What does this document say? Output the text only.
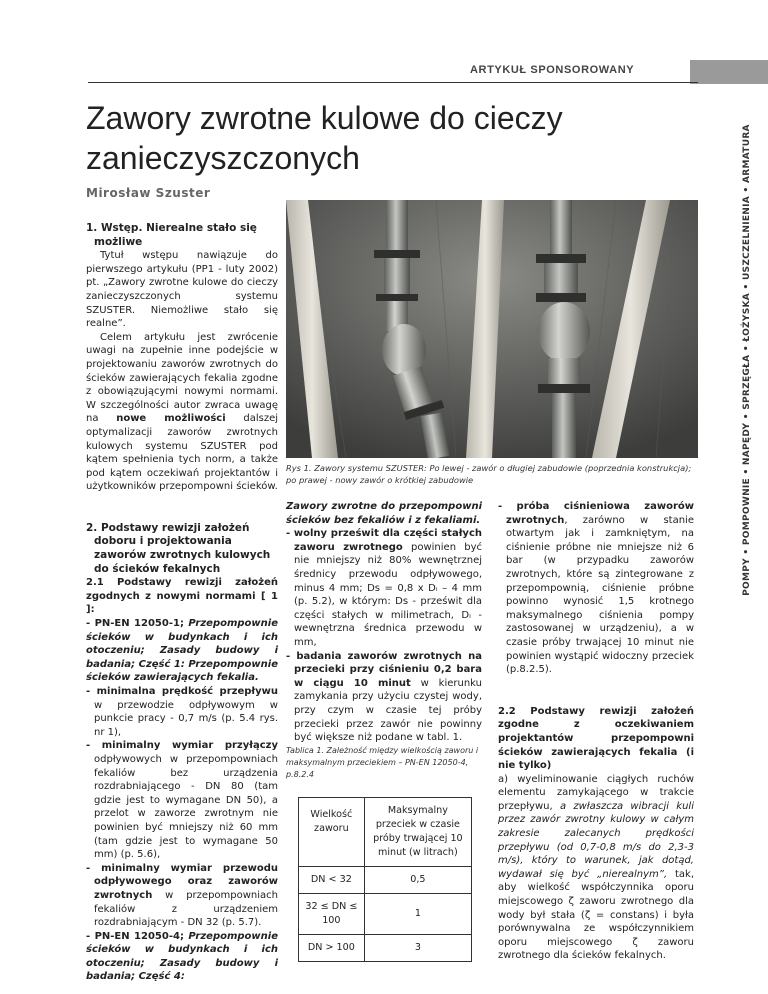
ARTYKUŁ SPONSOROWANY
POMPY • POMPOWNIE • NAPĘDY • SPRZĘGŁA • ŁOŻYSKA • USZCZELNIENIA • ARMATURA
Zawory zwrotne kulowe do cieczy zanieczyszczonych
Mirosław Szuster

1. Wstęp. Nierealne stało się możliwe

Tytuł wstępu nawiązuje do pierwszego artykułu (PP1 - luty 2002) pt. „Zawory zwrotne kulowe do cieczy zanieczyszczonych systemu SZUSTER. Niemożliwe stało się realne”.

Celem artykułu jest zwrócenie uwagi na zupełnie inne podejście w projektowaniu zaworów zwrotnych do ścieków zawierających fekalia zgodne z obowiązującymi nowymi normami. W szczególności autor zwraca uwagę na nowe możliwości dalszej optymalizacji zaworów zwrotnych kulowych systemu SZUSTER pod kątem spełnienia tych norm, a także pod kątem oczekiwań projektantów i użytkowników przepompowni ścieków.

2. Podstawy rewizji założeń doboru i projektowania zaworów zwrotnych kulowych do ścieków fekalnych

2.1 Podstawy rewizji założeń zgodnych z nowymi normami [ 1 ]:

- PN-EN 12050-1; Przepompownie ścieków w budynkach i ich otoczeniu; Zasady budowy i badania; Część 1: Przepompownie ścieków zawierających fekalia.

- minimalna prędkość przepływu w przewodzie odpływowym w punkcie pracy - 0,7 m/s (p. 5.4 rys. nr 1),

- minimalny wymiar przyłączy odpływowych w przepompowniach fekaliów bez urządzenia rozdrabniającego - DN 80 (tam gdzie jest to wymagane DN 50), a przelot w zaworze zwrotnym nie powinien być mniejszy niż 60 mm (tam gdzie jest to wymagane 50 mm) (p. 5.6),

- minimalny wymiar przewodu odpływowego oraz zaworów zwrotnych w przepompowniach fekaliów z urządzeniem rozdrabniającym - DN 32 (p. 5.7).

- PN-EN 12050-4; Przepompownie ścieków w budynkach i ich otoczeniu; Zasady budowy i badania; Część 4:

Rys 1. Zawory systemu SZUSTER: Po lewej - zawór o długiej zabudowie (poprzednia konstrukcja); po prawej - nowy zawór o krótkiej zabudowie

Zawory zwrotne do przepompowni ścieków bez fekaliów i z fekaliami.

- wolny prześwit dla części stałych zaworu zwrotnego powinien być nie mniejszy niż 80% wewnętrznej średnicy przewodu odpływowego, minus 4 mm; Ds = 0,8 x Dᵢ – 4 mm (p. 5.2), w którym: Ds - prześwit dla części stałych w milimetrach, Dᵢ - wewnętrzna średnica przewodu w mm,

- badania zaworów zwrotnych na przecieki przy ciśnieniu 0,2 bara w ciągu 10 minut w kierunku zamykania przy użyciu czystej wody, przy czym w czasie tej próby przecieki przez zawór nie powinny być większe niż podane w tabl. 1.

Tablica 1. Zależność między wielkością zaworu i maksymalnym przeciekiem – PN-EN 12050-4, p.8.2.4

Wielkość zaworu	Maksymalny przeciek w czasie próby trwającej 10 minut (w litrach)
DN < 32	0,5
32 ≤ DN ≤ 100	1
DN > 100	3

- próba ciśnieniowa zaworów zwrotnych, zarówno w stanie otwartym jak i zamkniętym, na ciśnienie próbne nie mniejsze niż 6 bar (w przypadku zaworów zwrotnych, które są zintegrowane z przepompownią, ciśnienie próbne powinno wynosić 1,5 krotnego maksymalnego ciśnienia pompy zastosowanej w urządzeniu), a w czasie próby trwającej 10 minut nie powinien wystąpić widoczny przeciek (p.8.2.5).

2.2 Podstawy rewizji założeń zgodne z oczekiwaniem projektantów przepompowni ścieków zawierających fekalia (i nie tylko)

a) wyeliminowanie ciągłych ruchów elementu zamykającego w trakcie przepływu, a zwłaszcza wibracji kuli przez zawór zwrotny kulowy w całym zakresie zalecanych prędkości przepływu (od 0,7-0,8 m/s do 2,3-3 m/s), który to warunek, jak dotąd, wydawał się być „nierealnym”, tak, aby wielkość współczynnika oporu miejscowego ζ zaworu zwrotnego dla wody był stała (ζ = constans) i była porównywalna ze współczynnikiem oporu miejscowego ζ zaworu zwrotnego dla ścieków fekalnych.
